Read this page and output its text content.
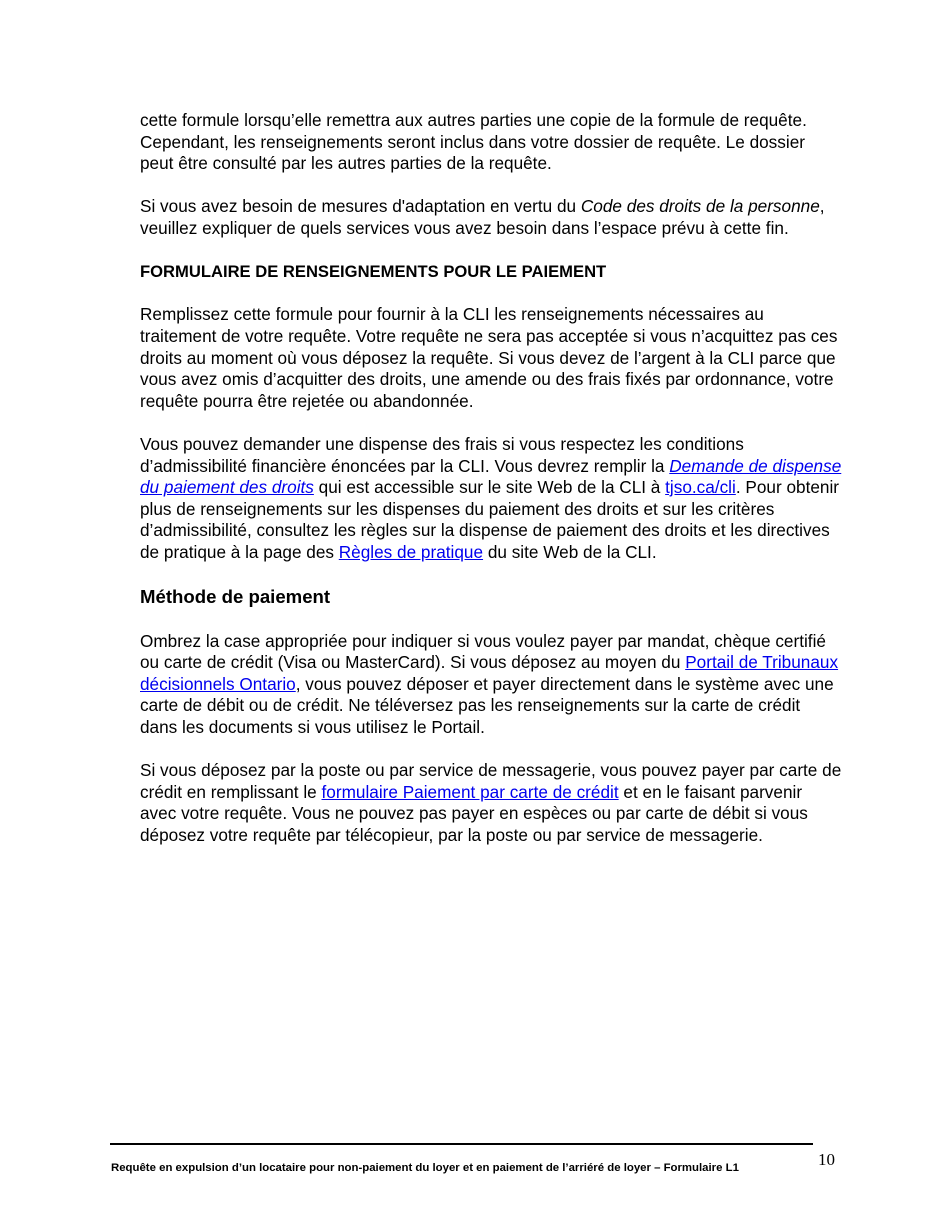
cette formule lorsqu’elle remettra aux autres parties une copie de la formule de requête. Cependant, les renseignements seront inclus dans votre dossier de requête. Le dossier peut être consulté par les autres parties de la requête.

Si vous avez besoin de mesures d'adaptation en vertu du Code des droits de la personne, veuillez expliquer de quels services vous avez besoin dans l’espace prévu à cette fin.

FORMULAIRE DE RENSEIGNEMENTS POUR LE PAIEMENT

Remplissez cette formule pour fournir à la CLI les renseignements nécessaires au traitement de votre requête. Votre requête ne sera pas acceptée si vous n’acquittez pas ces droits au moment où vous déposez la requête. Si vous devez de l’argent à la CLI parce que vous avez omis d’acquitter des droits, une amende ou des frais fixés par ordonnance, votre requête pourra être rejetée ou abandonnée.

Vous pouvez demander une dispense des frais si vous respectez les conditions d’admissibilité financière énoncées par la CLI. Vous devrez remplir la Demande de dispense du paiement des droits qui est accessible sur le site Web de la CLI à tjso.ca/cli. Pour obtenir plus de renseignements sur les dispenses du paiement des droits et sur les critères d’admissibilité, consultez les règles sur la dispense de paiement des droits et les directives de pratique à la page des Règles de pratique du site Web de la CLI.

Méthode de paiement

Ombrez la case appropriée pour indiquer si vous voulez payer par mandat, chèque certifié ou carte de crédit (Visa ou MasterCard). Si vous déposez au moyen du Portail de Tribunaux décisionnels Ontario, vous pouvez déposer et payer directement dans le système avec une carte de débit ou de crédit. Ne téléversez pas les renseignements sur la carte de crédit dans les documents si vous utilisez le Portail.

Si vous déposez par la poste ou par service de messagerie, vous pouvez payer par carte de crédit en remplissant le formulaire Paiement par carte de crédit et en le faisant parvenir avec votre requête. Vous ne pouvez pas payer en espèces ou par carte de débit si vous déposez votre requête par télécopieur, par la poste ou par service de messagerie.

10
Requête en expulsion d’un locataire pour non-paiement du loyer et en paiement de l’arriéré de loyer – Formulaire L1
